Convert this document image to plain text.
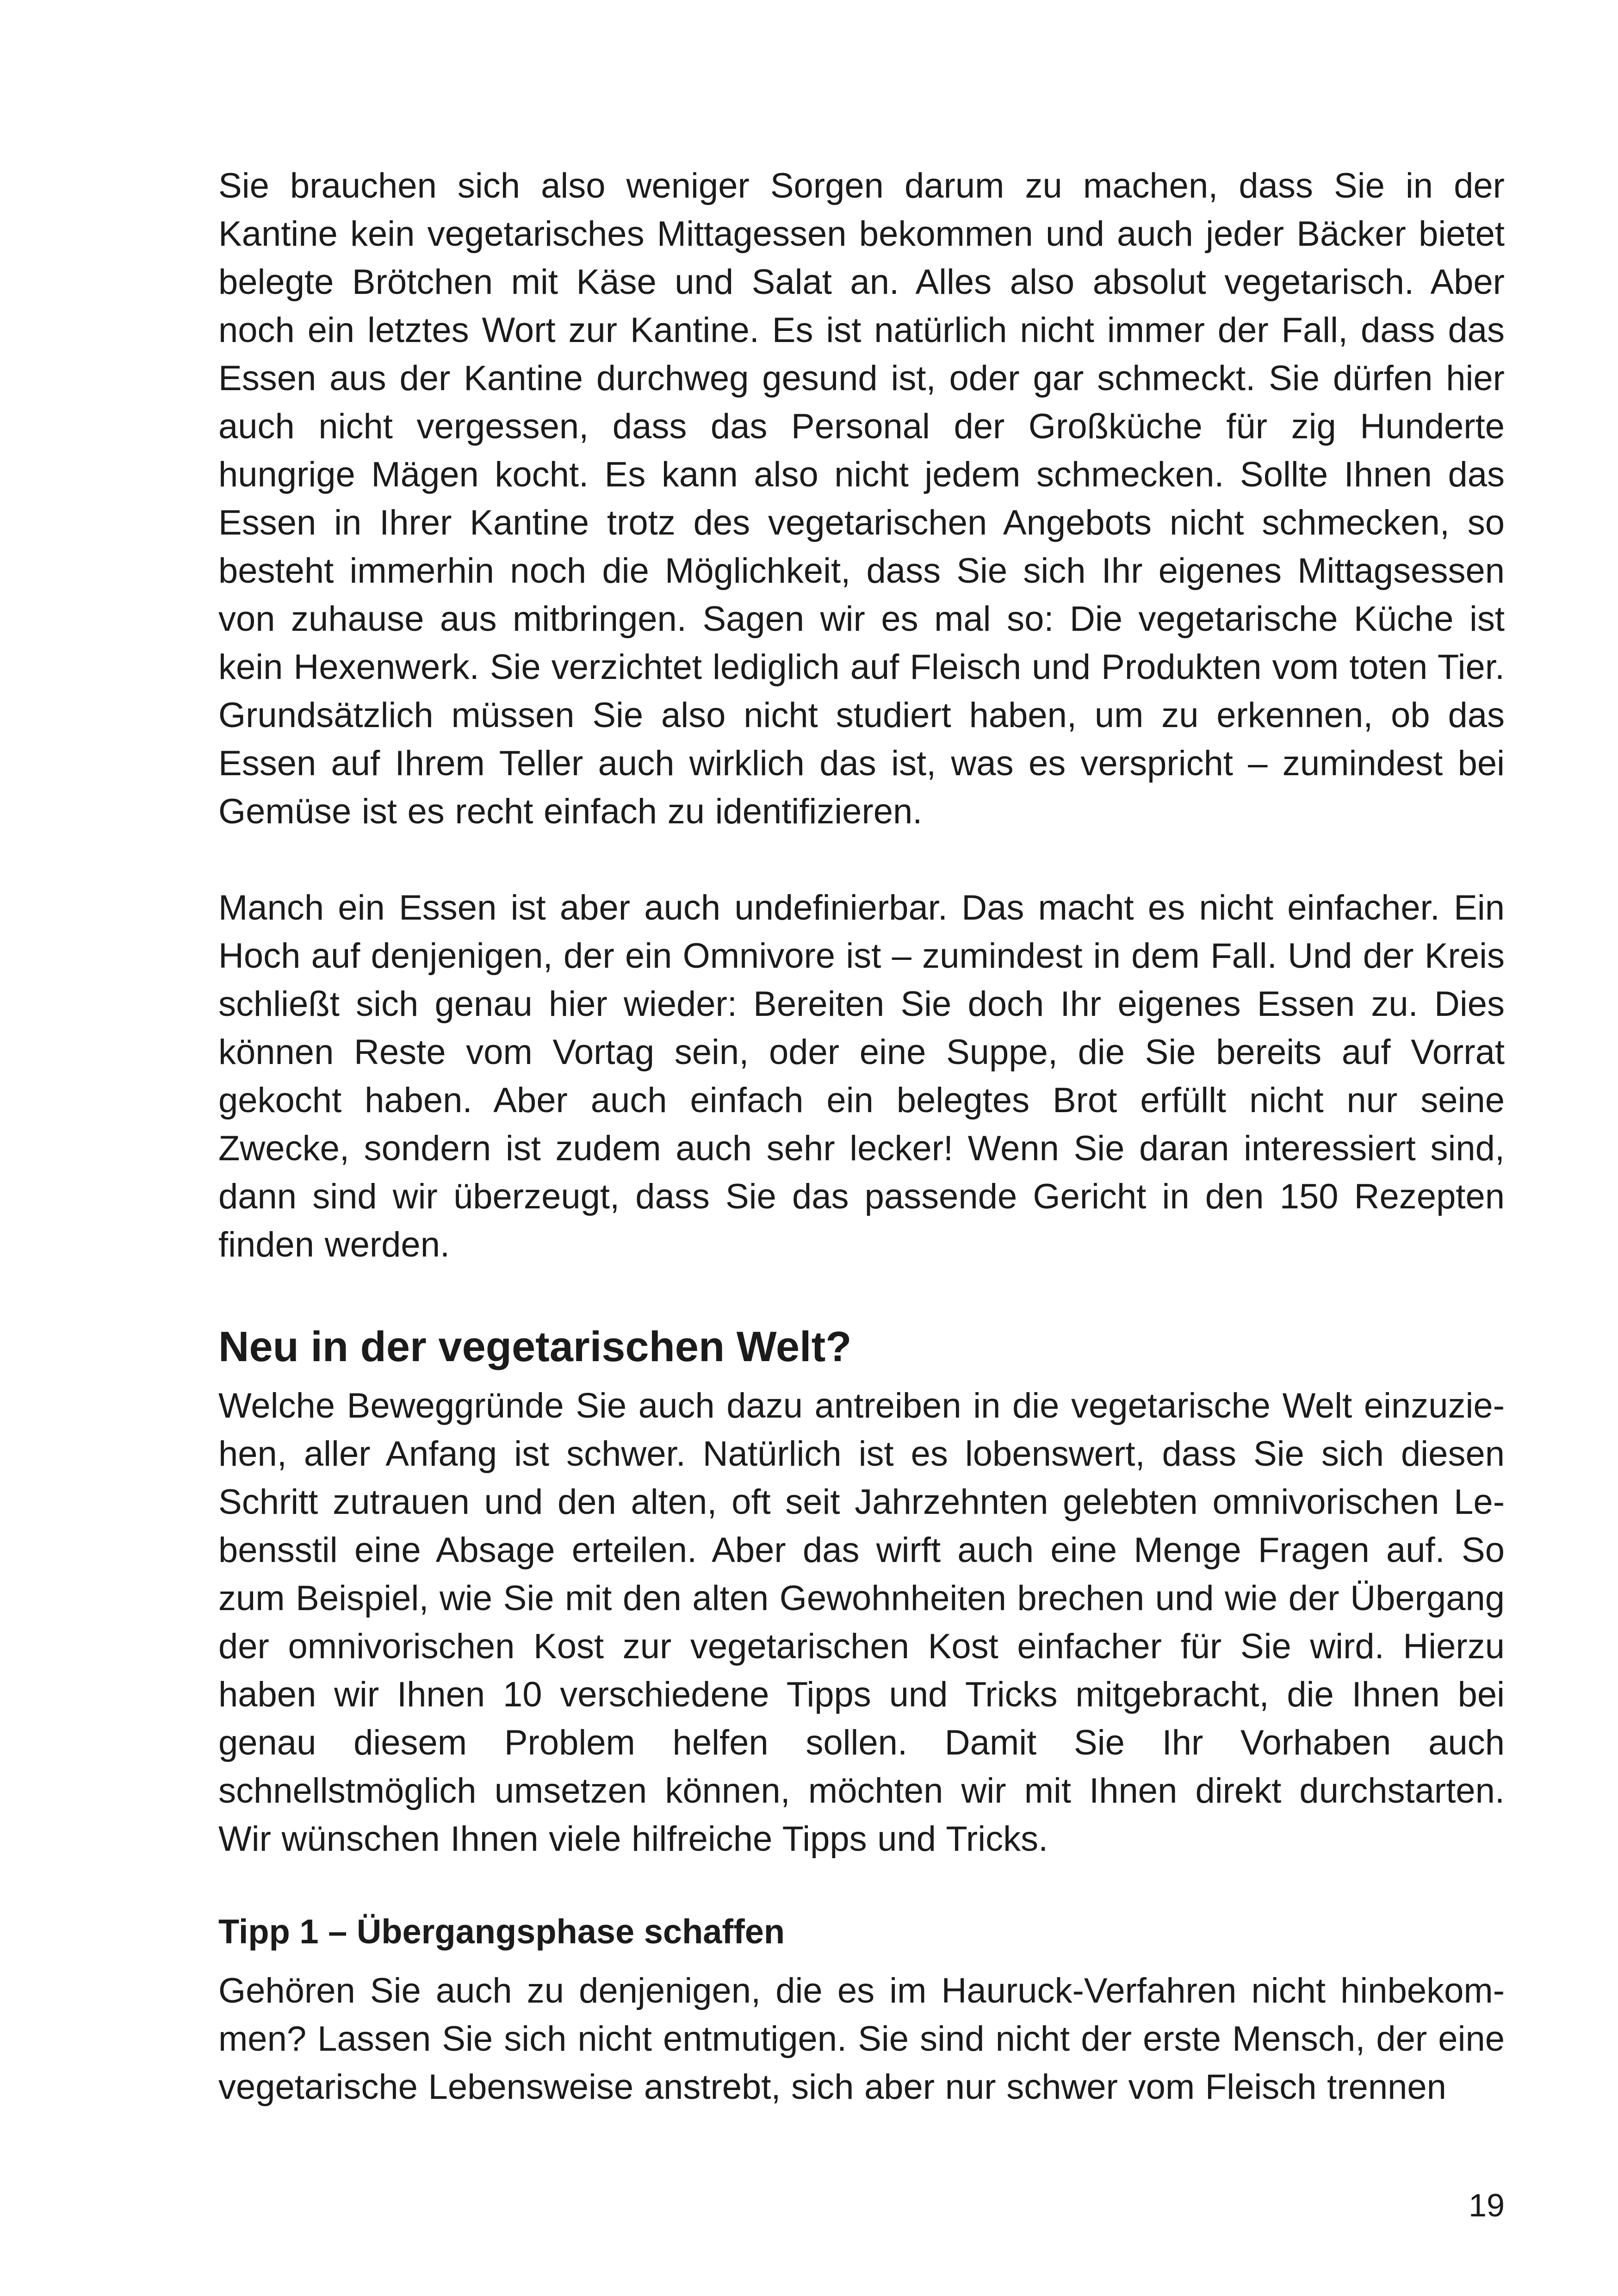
Sie brauchen sich also weniger Sorgen darum zu machen, dass Sie in der Kantine kein vegetarisches Mittagessen bekommen und auch jeder Bäcker bietet belegte Brötchen mit Käse und Salat an. Alles also absolut vegetarisch. Aber noch ein letztes Wort zur Kantine. Es ist natürlich nicht immer der Fall, dass das Essen aus der Kantine durchweg gesund ist, oder gar schmeckt. Sie dürfen hier auch nicht vergessen, dass das Personal der Großküche für zig Hunderte hungrige Mägen kocht. Es kann also nicht jedem schmecken. Sollte Ihnen das Essen in Ihrer Kantine trotz des vegetarischen Angebots nicht schmecken, so besteht immerhin noch die Möglichkeit, dass Sie sich Ihr eigenes Mittagsessen von zuhause aus mitbringen. Sagen wir es mal so: Die vegetarische Küche ist kein Hexenwerk. Sie verzichtet lediglich auf Fleisch und Produkten vom toten Tier. Grundsätzlich müssen Sie also nicht studiert haben, um zu erkennen, ob das Essen auf Ihrem Teller auch wirklich das ist, was es verspricht – zumindest bei Gemüse ist es recht einfach zu identifizieren.

Manch ein Essen ist aber auch undefinierbar. Das macht es nicht einfacher. Ein Hoch auf denjenigen, der ein Omnivore ist – zumindest in dem Fall. Und der Kreis schließt sich genau hier wieder: Bereiten Sie doch Ihr eigenes Essen zu. Dies können Reste vom Vortag sein, oder eine Suppe, die Sie bereits auf Vorrat gekocht haben. Aber auch einfach ein belegtes Brot erfüllt nicht nur seine Zwecke, sondern ist zudem auch sehr lecker! Wenn Sie daran interessiert sind, dann sind wir überzeugt, dass Sie das passende Gericht in den 150 Rezepten finden werden.

Neu in der vegetarischen Welt?

Welche Beweggründe Sie auch dazu antreiben in die vegetarische Welt einzuziehen, aller Anfang ist schwer. Natürlich ist es lobenswert, dass Sie sich diesen Schritt zutrauen und den alten, oft seit Jahrzehnten gelebten omnivorischen Lebensstil eine Absage erteilen. Aber das wirft auch eine Menge Fragen auf. So zum Beispiel, wie Sie mit den alten Gewohnheiten brechen und wie der Übergang der omnivorischen Kost zur vegetarischen Kost einfacher für Sie wird. Hierzu haben wir Ihnen 10 verschiedene Tipps und Tricks mitgebracht, die Ihnen bei genau diesem Problem helfen sollen. Damit Sie Ihr Vorhaben auch schnellstmöglich umsetzen können, möchten wir mit Ihnen direkt durchstarten. Wir wünschen Ihnen viele hilfreiche Tipps und Tricks.

Tipp 1 – Übergangsphase schaffen

Gehören Sie auch zu denjenigen, die es im Hauruck-Verfahren nicht hinbekommen? Lassen Sie sich nicht entmutigen. Sie sind nicht der erste Mensch, der eine vegetarische Lebensweise anstrebt, sich aber nur schwer vom Fleisch trennen

19
